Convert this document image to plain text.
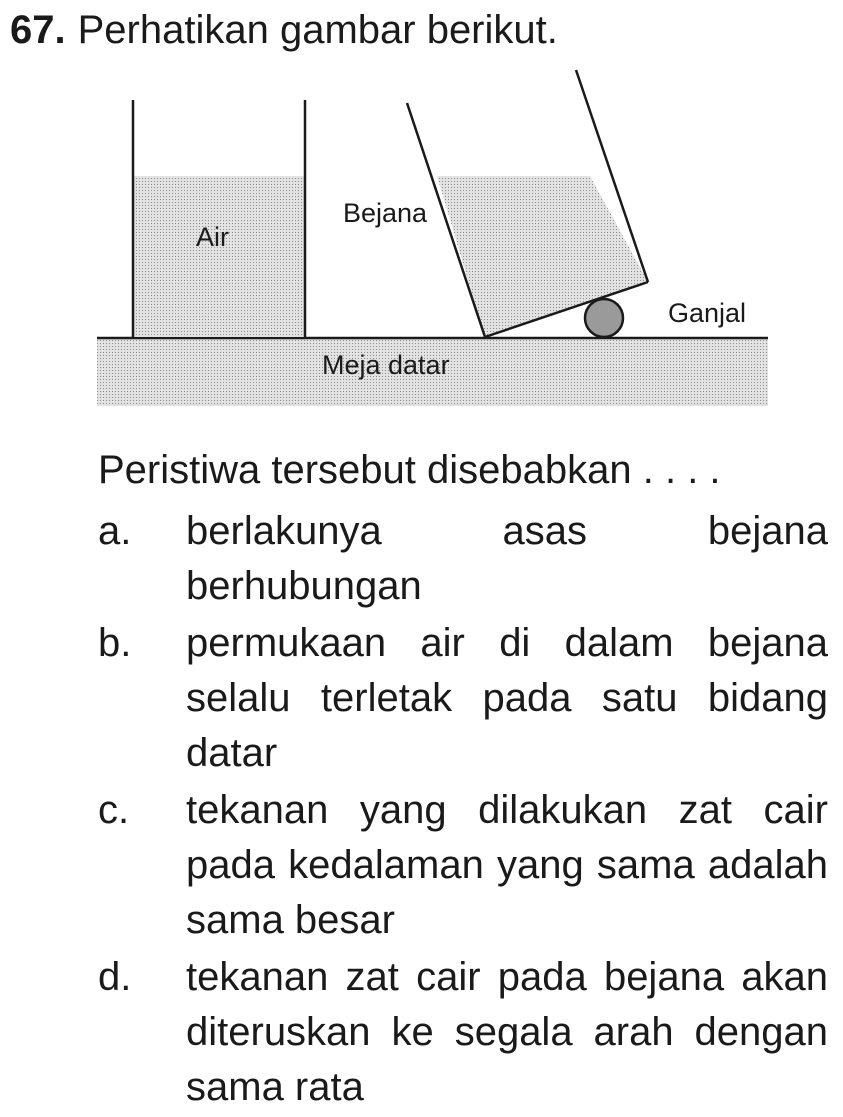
67. Perhatikan gambar berikut.
Air
Bejana
Ganjal
Meja datar
Peristiwa tersebut disebabkan . . . .
a.	berlakunya asas bejana berhubungan
b.	permukaan air di dalam bejana selalu terletak pada satu bidang datar
c.	tekanan yang dilakukan zat cair pada kedalaman yang sama adalah sama besar
d.	tekanan zat cair pada bejana akan diteruskan ke segala arah dengan sama rata
